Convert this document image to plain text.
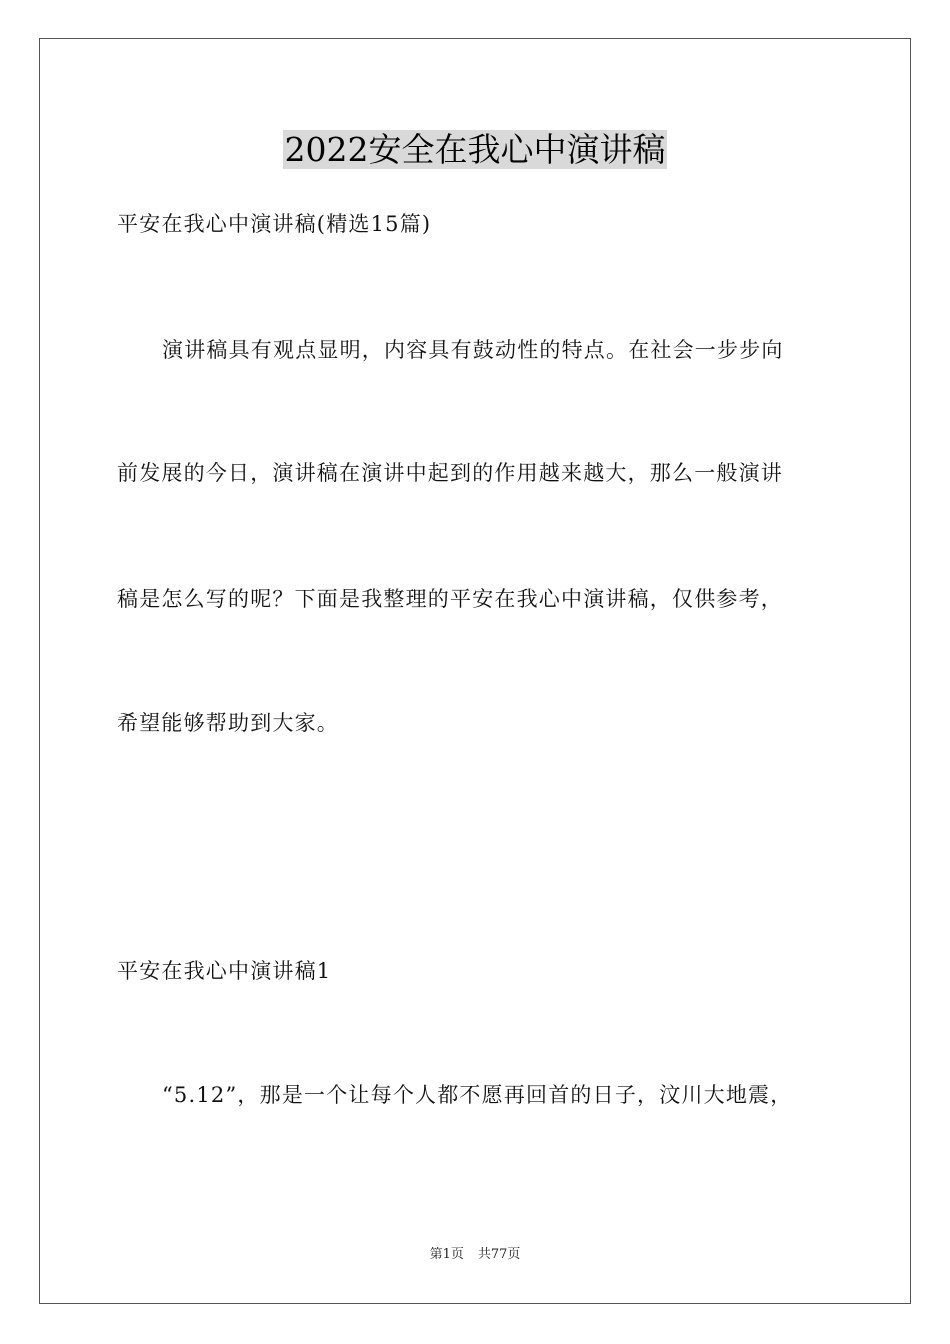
2022安全在我心中演讲稿
平安在我心中演讲稿(精选15篇)
演讲稿具有观点显明，内容具有鼓动性的特点。在社会一步步向
前发展的今日，演讲稿在演讲中起到的作用越来越大，那么一般演讲
稿是怎么写的呢？下面是我整理的平安在我心中演讲稿，仅供参考，
希望能够帮助到大家。
平安在我心中演讲稿1
“5.12”，那是一个让每个人都不愿再回首的日子，汶川大地震，
第1页 共77页
